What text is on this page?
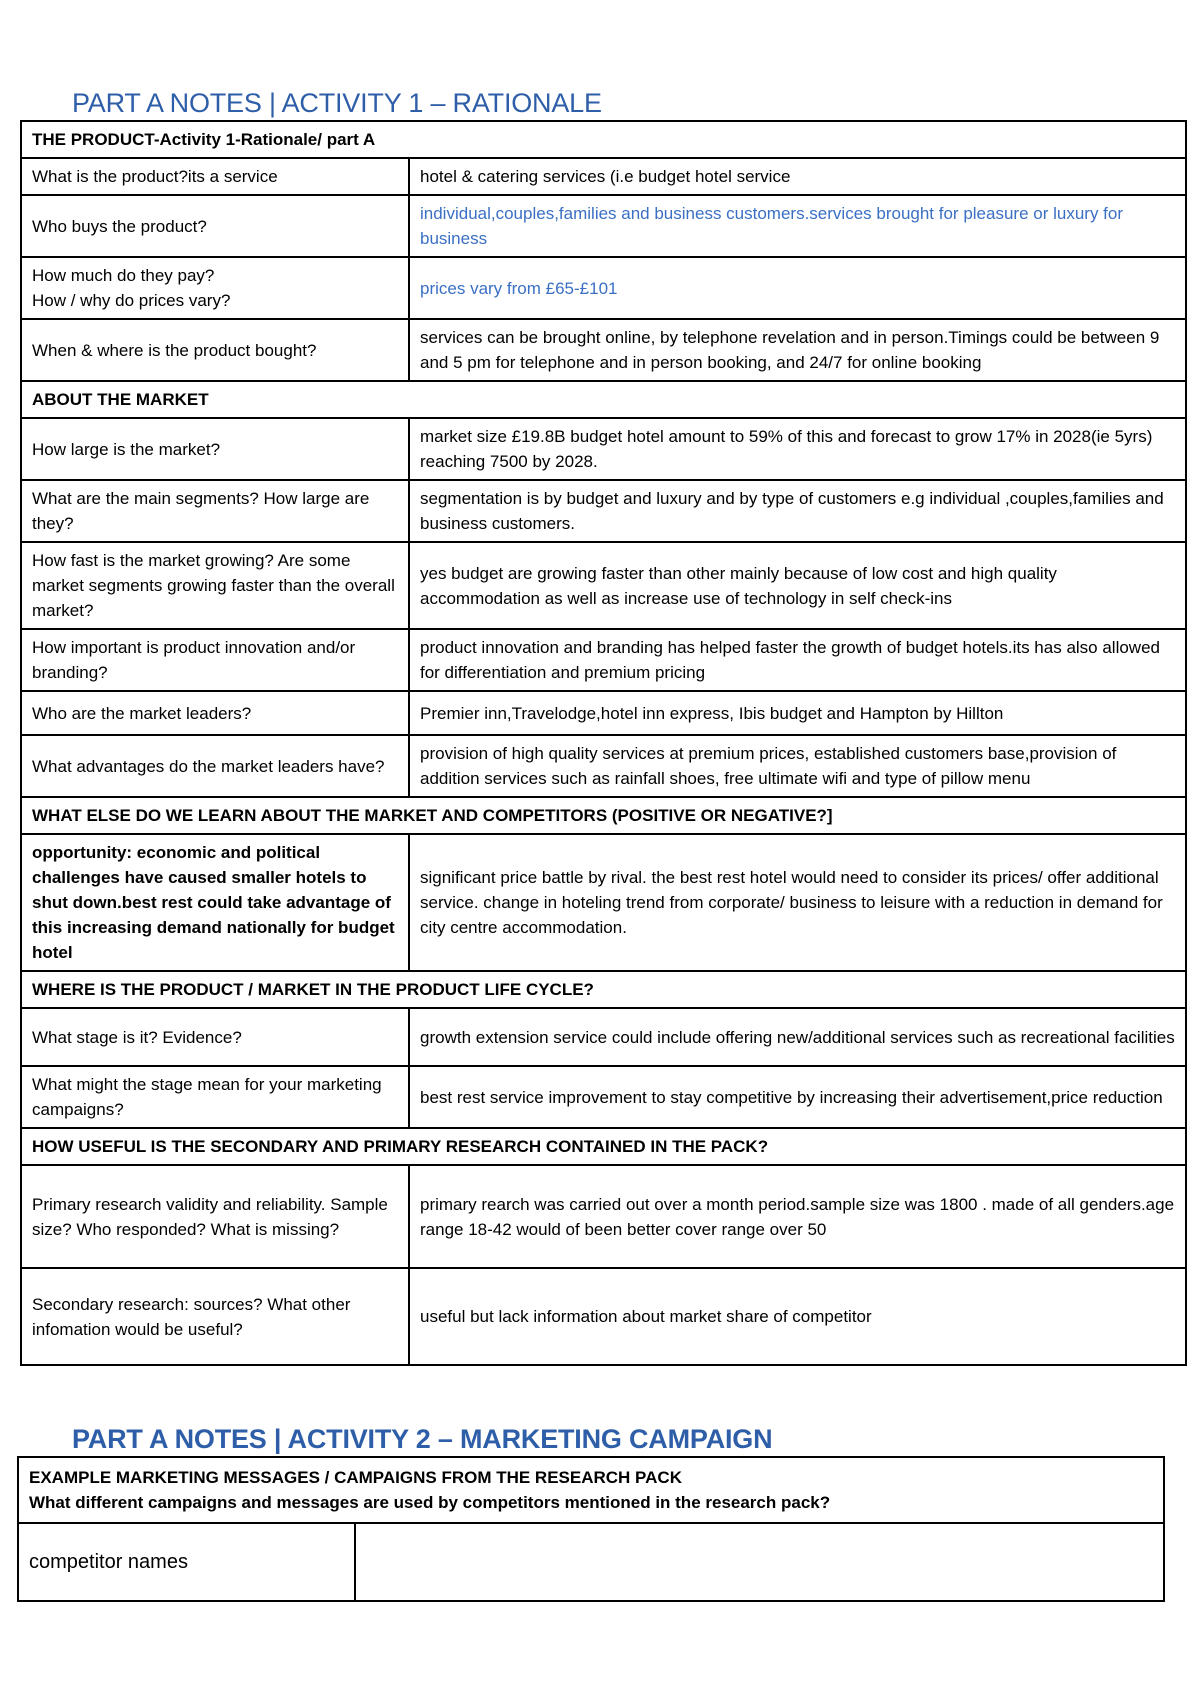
PART A NOTES | ACTIVITY 1 – RATIONALE
THE PRODUCT-Activity 1-Rationale/ part A	
What is the product?its a service	hotel & catering services (i.e budget hotel service
Who buys the product?	individual,couples,families and business customers.services brought for pleasure or luxury for business

How much do they pay?
How / why do prices vary?	prices vary from £65-£101
When & where is the product bought?	services can be brought online, by telephone revelation and in person.Timings could be between 9 and 5 pm for telephone and in person booking, and 24/7 for online booking
ABOUT THE MARKET	
How large is the market?	market size £19.8B budget hotel amount to 59% of this and forecast to grow 17% in 2028(ie 5yrs) reaching 7500 by 2028.
What are the main segments? How large are they?	segmentation is by budget and luxury and by type of customers e.g individual ,couples,families and business customers.
How fast is the market growing? Are some market segments growing faster than the overall market?	yes budget are growing faster than other mainly because of low cost and high quality accommodation as well as increase use of technology in self check-ins
How important is product innovation and/or branding?	product innovation and branding has helped faster the growth of budget hotels.its has also allowed for differentiation and premium pricing
Who are the market leaders?	Premier inn,Travelodge,hotel inn express, Ibis budget and Hampton by Hillton
What advantages do the market leaders have?	provision of high quality services at premium prices, established customers base,provision of addition services such as rainfall shoes, free ultimate wifi and type of pillow menu
WHAT ELSE DO WE LEARN ABOUT THE MARKET AND COMPETITORS (POSITIVE OR NEGATIVE?]	
opportunity: economic and political challenges have caused smaller hotels to shut down.best rest could take advantage of this increasing demand nationally for budget hotel	significant price battle by rival. the best rest hotel would need to consider its prices/ offer additional service. change in hoteling trend from corporate/ business to leisure with a reduction in demand for city centre accommodation.
WHERE IS THE PRODUCT / MARKET IN THE PRODUCT LIFE CYCLE?	
What stage is it? Evidence?	growth extension service could include offering new/additional services such as recreational facilities
What might the stage mean for your marketing campaigns?	best rest service improvement to stay competitive by increasing their advertisement,price reduction
HOW USEFUL IS THE SECONDARY AND PRIMARY RESEARCH CONTAINED IN THE PACK?	
Primary research validity and reliability. Sample size? Who responded? What is missing?	primary rearch was carried out over a month period.sample size was 1800 . made of all genders.age range 18-42 would of been better cover range over 50
Secondary research: sources? What other infomation would be useful?	useful but lack information about market share of competitor
PART A NOTES | ACTIVITY 2 – MARKETING CAMPAIGN
EXAMPLE MARKETING MESSAGES / CAMPAIGNS FROM THE RESEARCH PACK
What different campaigns and messages are used by competitors mentioned in the research pack?

competitor names	
